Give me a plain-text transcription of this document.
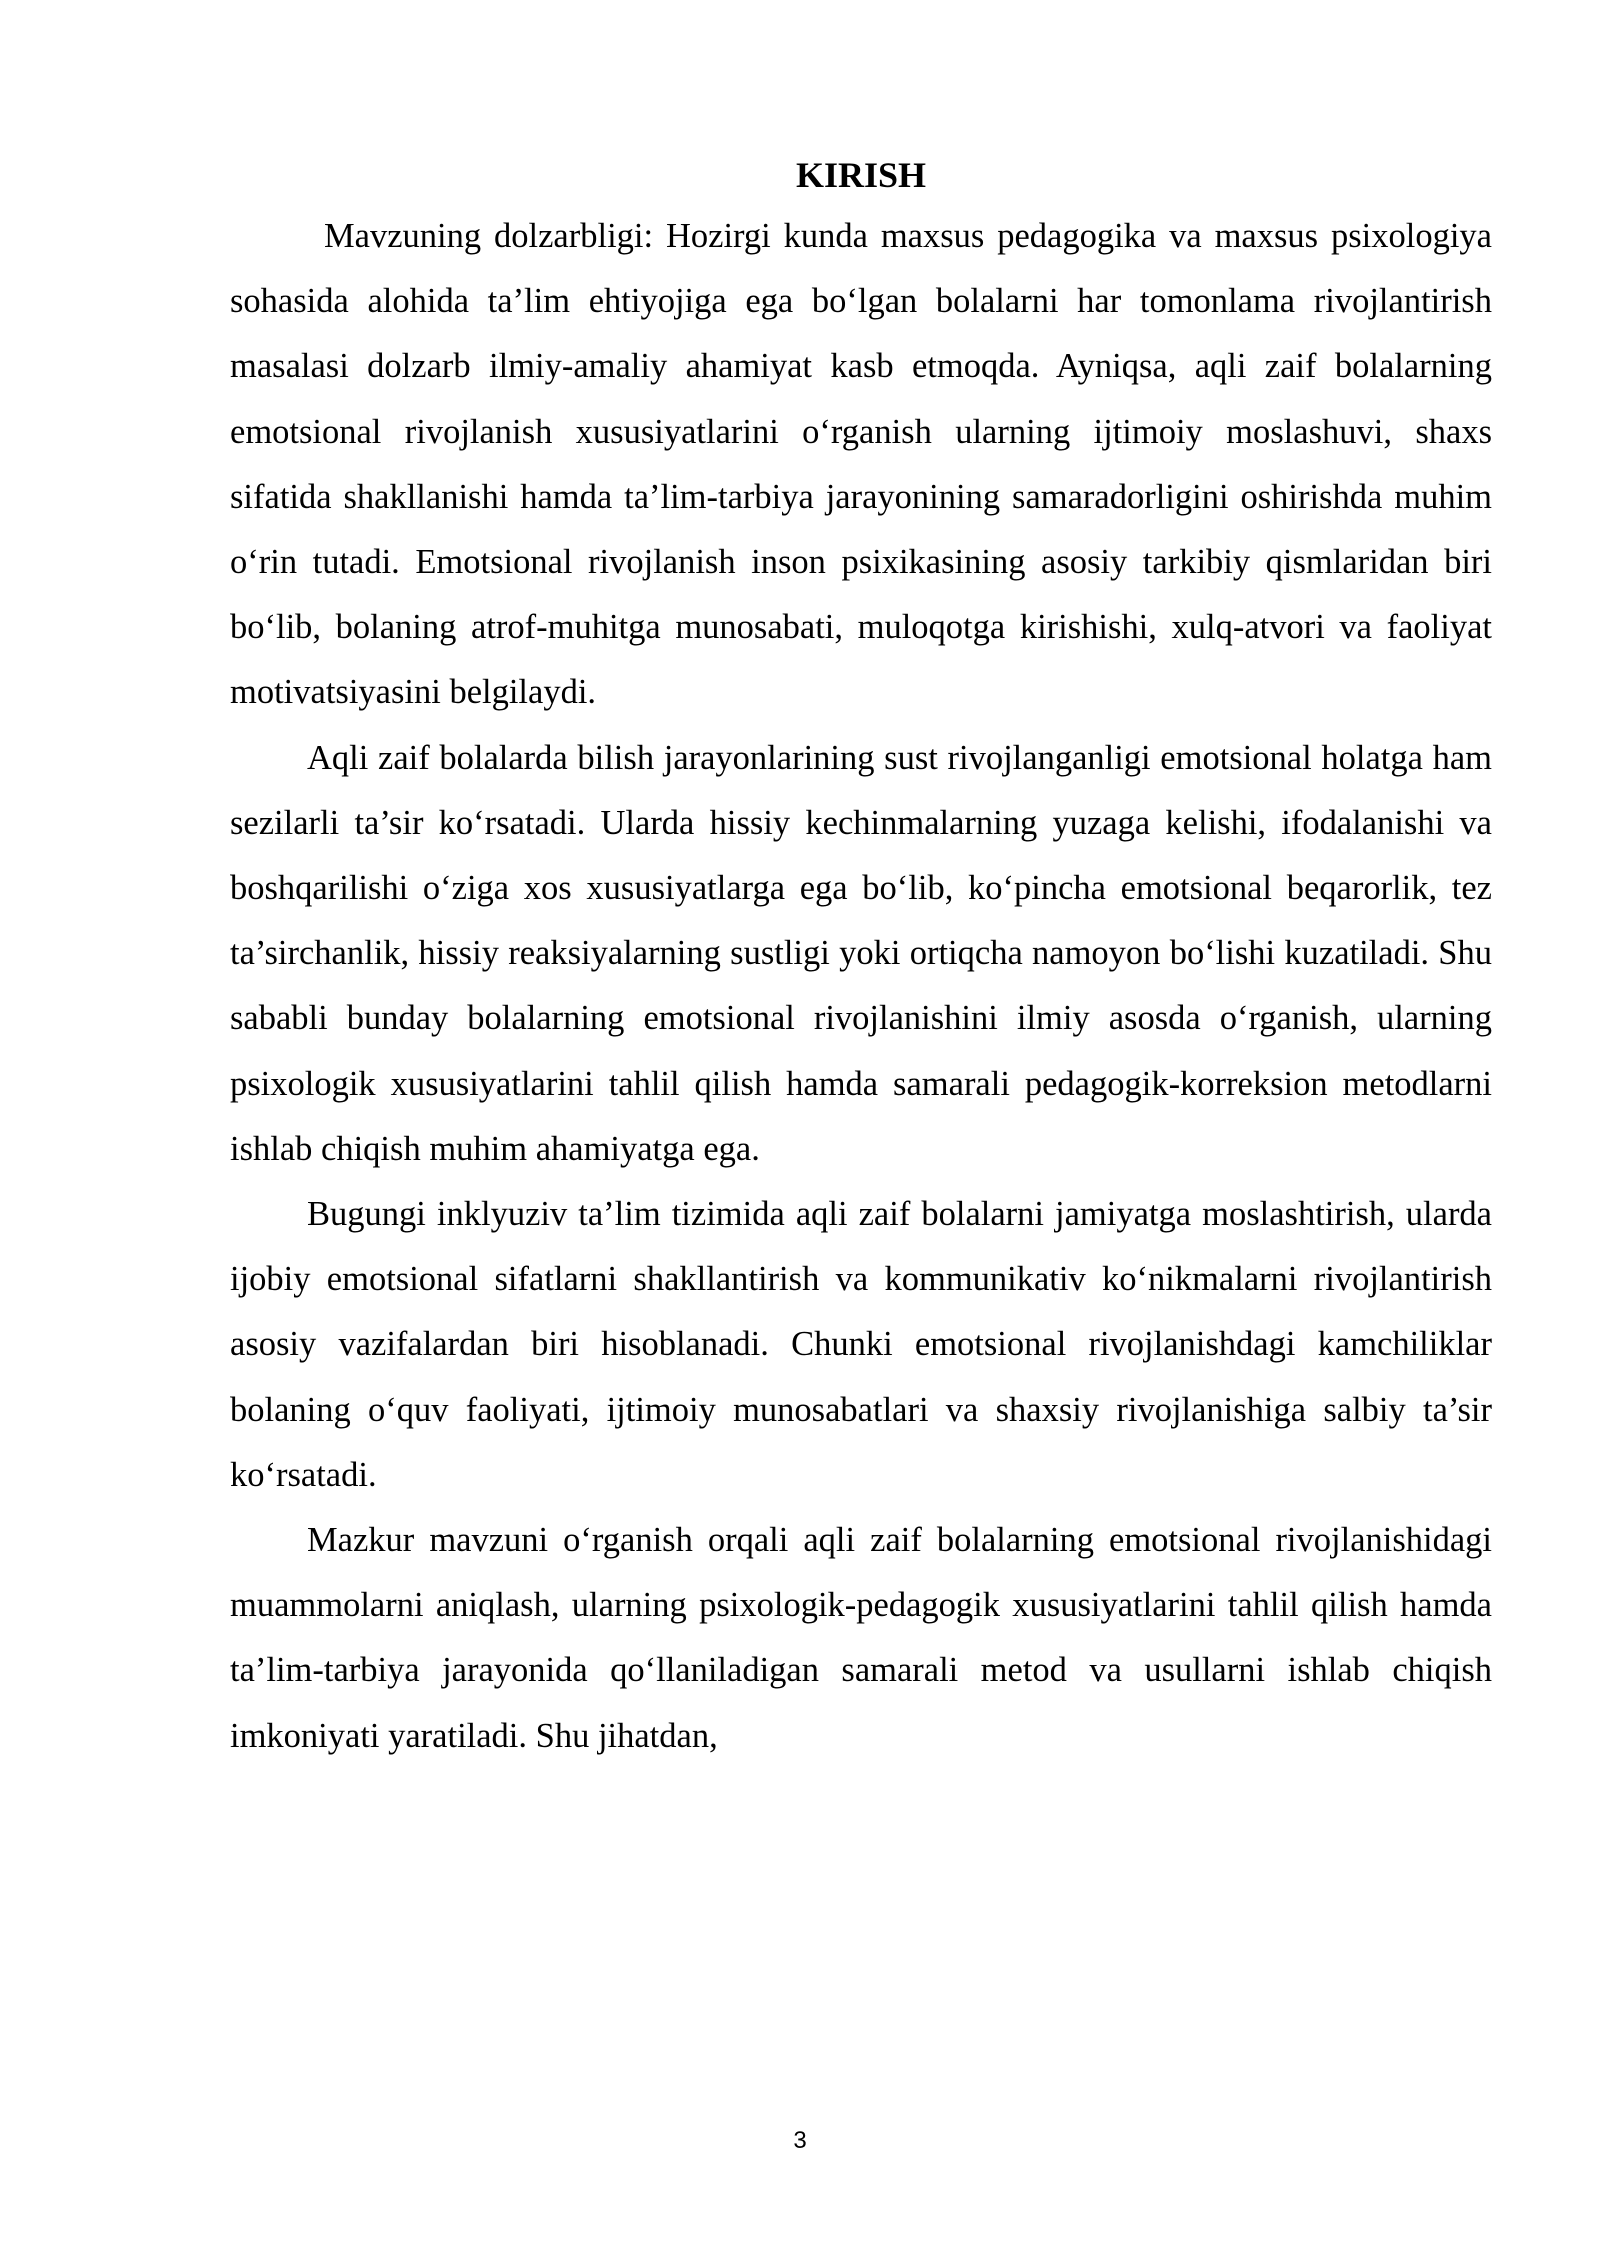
KIRISH

Mavzuning dolzarbligi: Hozirgi kunda maxsus pedagogika va maxsus psixologiya sohasida alohida ta’lim ehtiyojiga ega bo‘lgan bolalarni har tomonlama rivojlantirish masalasi dolzarb ilmiy-amaliy ahamiyat kasb etmoqda. Ayniqsa, aqli zaif bolalarning emotsional rivojlanish xususiyatlarini o‘rganish ularning ijtimoiy moslashuvi, shaxs sifatida shakllanishi hamda ta’lim-tarbiya jarayonining samaradorligini oshirishda muhim o‘rin tutadi. Emotsional rivojlanish inson psixikasining asosiy tarkibiy qismlaridan biri bo‘lib, bolaning atrof-muhitga munosabati, muloqotga kirishishi, xulq-atvori va faoliyat motivatsiyasini belgilaydi.

Aqli zaif bolalarda bilish jarayonlarining sust rivojlanganligi emotsional holatga ham sezilarli ta’sir ko‘rsatadi. Ularda hissiy kechinmalarning yuzaga kelishi, ifodalanishi va boshqarilishi o‘ziga xos xususiyatlarga ega bo‘lib, ko‘pincha emotsional beqarorlik, tez ta’sirchanlik, hissiy reaksiyalarning sustligi yoki ortiqcha namoyon bo‘lishi kuzatiladi. Shu sababli bunday bolalarning emotsional rivojlanishini ilmiy asosda o‘rganish, ularning psixologik xususiyatlarini tahlil qilish hamda samarali pedagogik-korreksion metodlarni ishlab chiqish muhim ahamiyatga ega.

Bugungi inklyuziv ta’lim tizimida aqli zaif bolalarni jamiyatga moslashtirish, ularda ijobiy emotsional sifatlarni shakllantirish va kommunikativ ko‘nikmalarni rivojlantirish asosiy vazifalardan biri hisoblanadi. Chunki emotsional rivojlanishdagi kamchiliklar bolaning o‘quv faoliyati, ijtimoiy munosabatlari va shaxsiy rivojlanishiga salbiy ta’sir ko‘rsatadi.

Mazkur mavzuni o‘rganish orqali aqli zaif bolalarning emotsional rivojlanishidagi muammolarni aniqlash, ularning psixologik-pedagogik xususiyatlarini tahlil qilish hamda ta’lim-tarbiya jarayonida qo‘llaniladigan samarali metod va usullarni ishlab chiqish imkoniyati yaratiladi. Shu jihatdan,

3
